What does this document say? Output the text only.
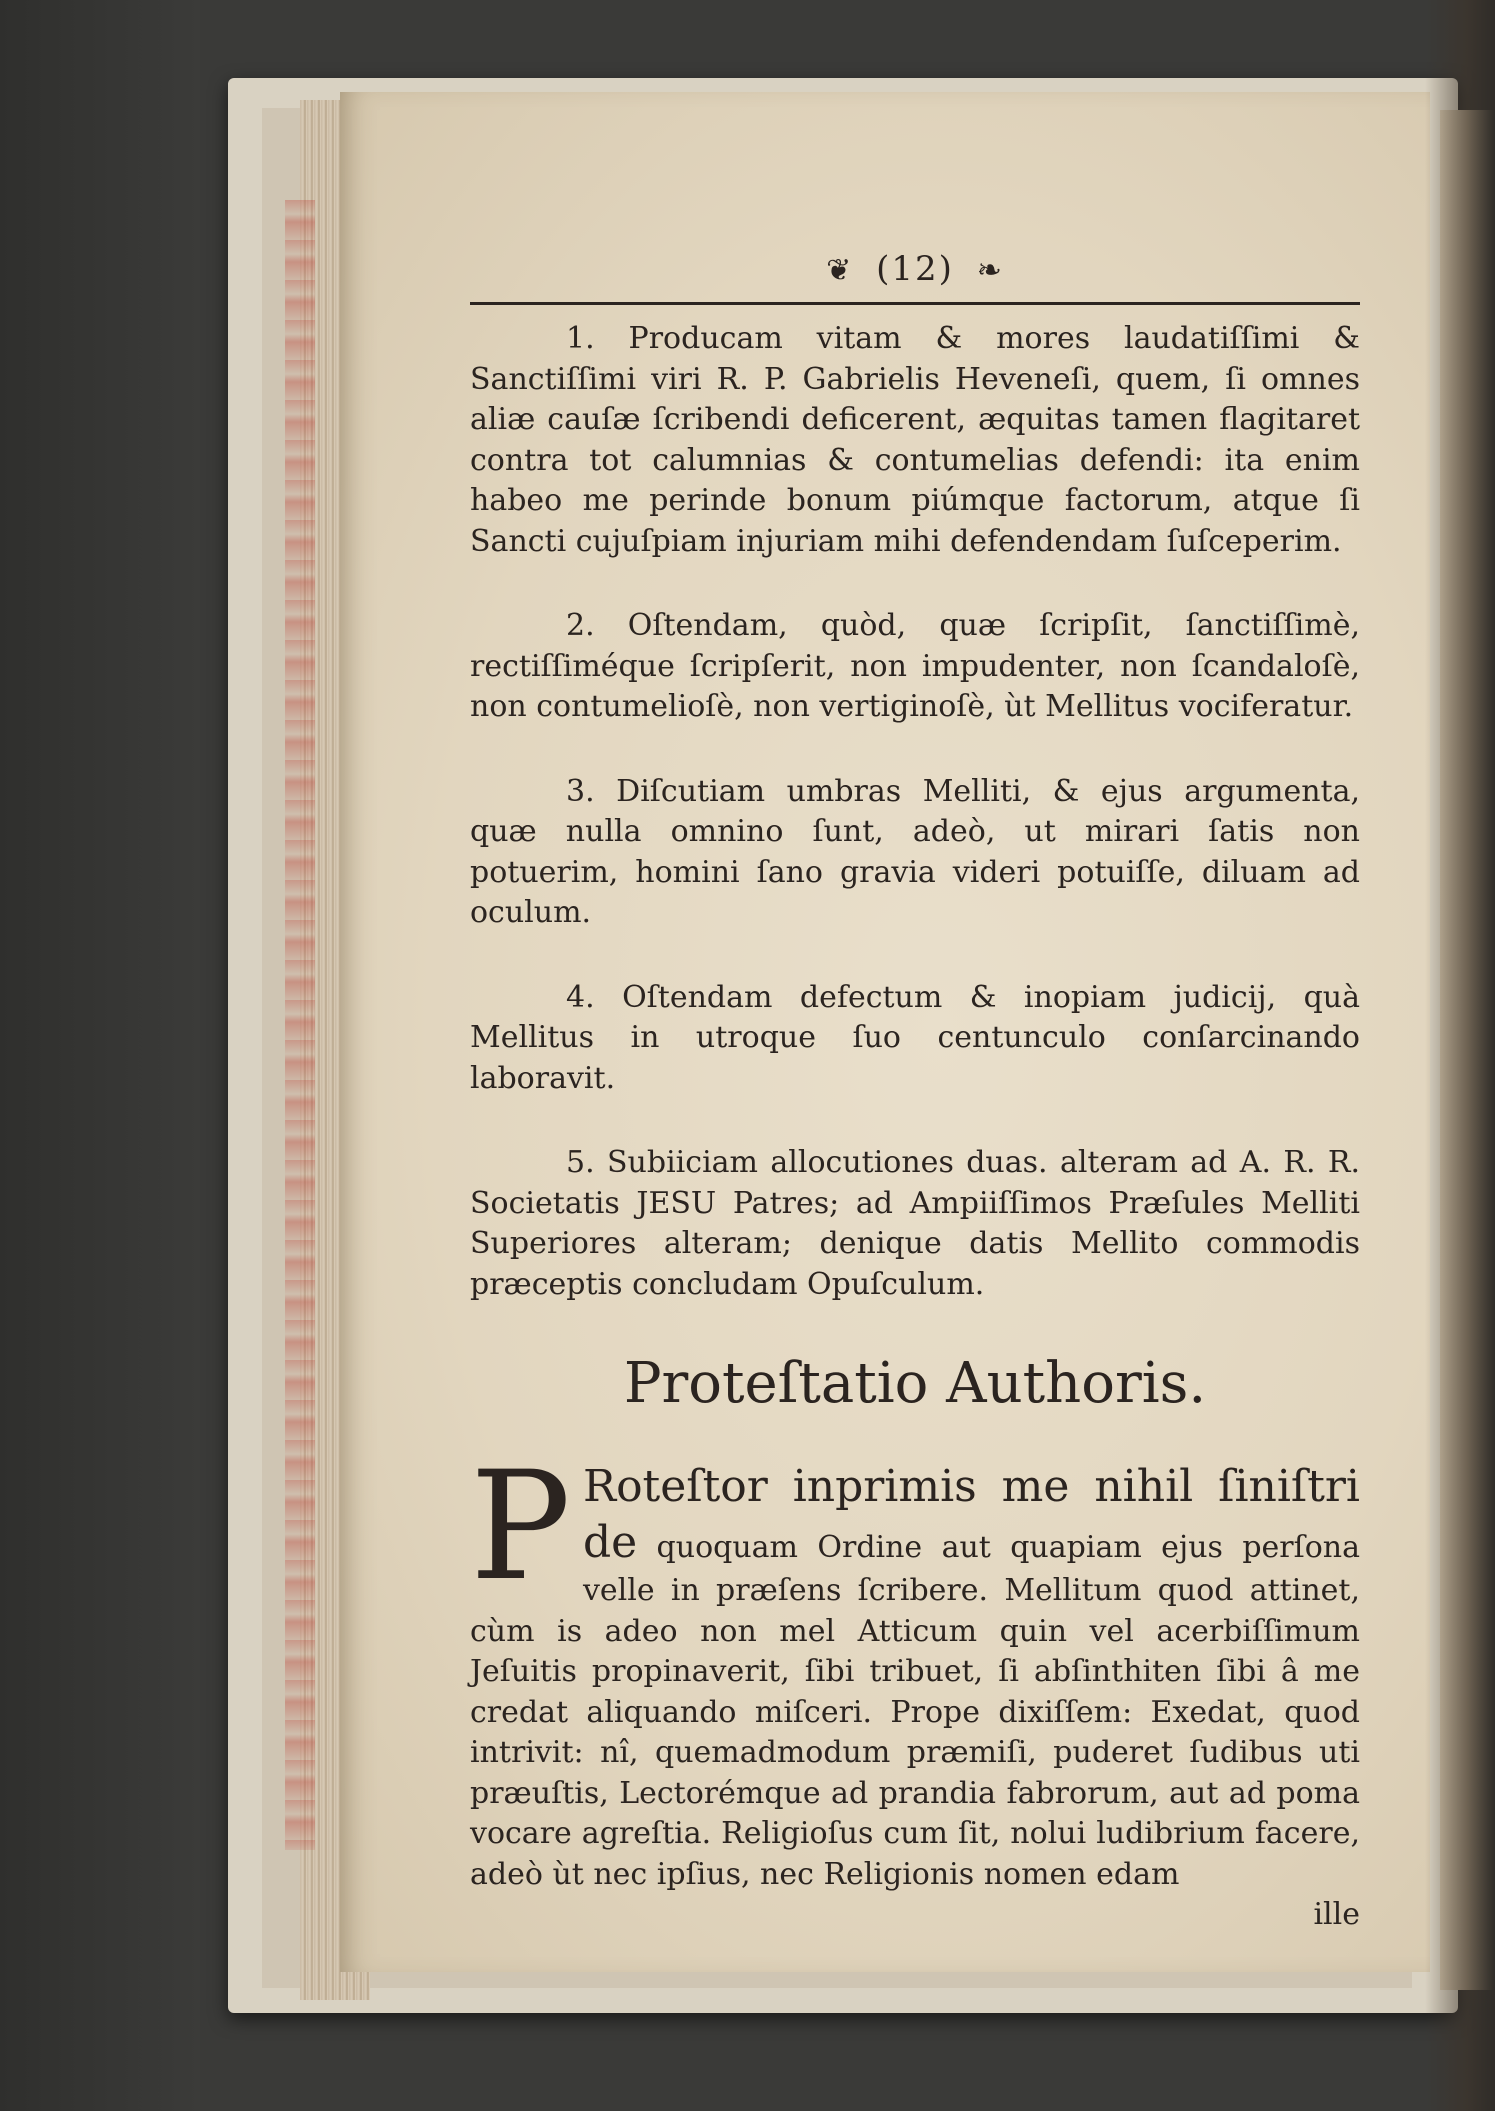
❦ (12) ❧

1. Producam vitam & mores laudatiſſimi & Sanctiſſimi viri R. P. Gabrielis Heveneſi, quem, ſi omnes aliæ cauſæ ſcribendi deficerent, æquitas tamen flagitaret contra tot calumnias & contumelias defendi: ita enim habeo me perinde bonum piúmque factorum, atque ſi Sancti cujuſpiam injuriam mihi defendendam ſuſceperim.

2. Oſtendam, quòd, quæ ſcripſit, ſanctiſſimè, rectiſſiméque ſcripſerit, non impudenter, non ſcandaloſè, non contumelioſè, non vertiginoſè, ùt Mellitus vociferatur.

3. Diſcutiam umbras Melliti, & ejus argumenta, quæ nulla omnino ſunt, adeò, ut mirari ſatis non potuerim, homini ſano gravia videri potuiſſe, diluam ad oculum.

4. Oſtendam defectum & inopiam judicij, quà Mellitus in utroque ſuo centunculo conſarcinando laboravit.

5. Subiiciam allocutiones duas. alteram ad A. R. R. Societatis JESU Patres; ad Ampiiſſimos Præſules Melliti Superiores alteram; denique datis Mellito commodis præceptis concludam Opuſculum.

Proteſtatio Authoris.
P Roteſtor inprimis me nihil ſiniſtri de quoquam Ordine aut quapiam ejus perſona velle in præſens ſcribere. Mellitum quod attinet, cùm is adeo non mel Atticum quin vel acerbiſſimum Jeſuitis propinaverit, ſibi tribuet, ſi abſinthiten ſibi â me credat aliquando miſceri. Prope dixiſſem: Exedat, quod intrivit: nî, quemadmodum præmiſi, puderet ſudibus uti præuſtis, Lectorémque ad prandia fabrorum, aut ad poma vocare agreſtia. Religioſus cum ſit, nolui ludibrium facere, adeò ùt nec ipſius, nec Religionis nomen edam
ille
